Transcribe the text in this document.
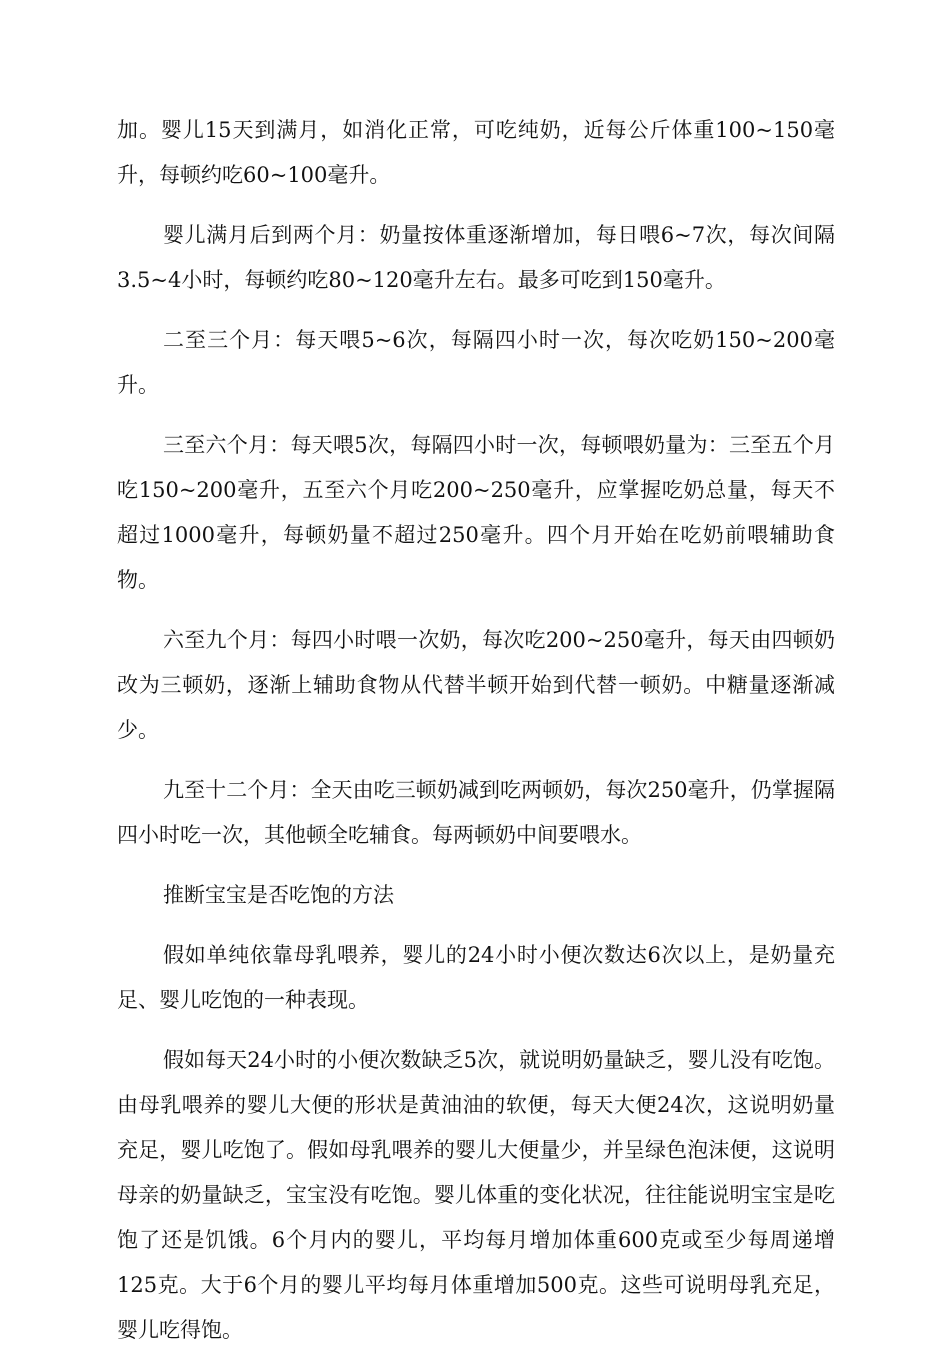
加。婴儿15天到满月，如消化正常，可吃纯奶，近每公斤体重100~150毫升，每顿约吃60~100毫升。

婴儿满月后到两个月：奶量按体重逐渐增加，每日喂6~7次，每次间隔3.5~4小时，每顿约吃80~120毫升左右。最多可吃到150毫升。

二至三个月：每天喂5~6次，每隔四小时一次，每次吃奶150~200毫升。

三至六个月：每天喂5次，每隔四小时一次，每顿喂奶量为：三至五个月吃150~200毫升，五至六个月吃200~250毫升，应掌握吃奶总量，每天不超过1000毫升，每顿奶量不超过250毫升。四个月开始在吃奶前喂辅助食物。

六至九个月：每四小时喂一次奶，每次吃200~250毫升，每天由四顿奶改为三顿奶，逐渐上辅助食物从代替半顿开始到代替一顿奶。中糖量逐渐减少。

九至十二个月：全天由吃三顿奶减到吃两顿奶，每次250毫升，仍掌握隔四小时吃一次，其他顿全吃辅食。每两顿奶中间要喂水。

推断宝宝是否吃饱的方法

假如单纯依靠母乳喂养，婴儿的24小时小便次数达6次以上，是奶量充足、婴儿吃饱的一种表现。

假如每天24小时的小便次数缺乏5次，就说明奶量缺乏，婴儿没有吃饱。由母乳喂养的婴儿大便的形状是黄油油的软便，每天大便24次，这说明奶量充足，婴儿吃饱了。假如母乳喂养的婴儿大便量少，并呈绿色泡沫便，这说明母亲的奶量缺乏，宝宝没有吃饱。婴儿体重的变化状况，往往能说明宝宝是吃饱了还是饥饿。6个月内的婴儿，平均每月增加体重600克或至少每周递增125克。大于6个月的婴儿平均每月体重增加500克。这些可说明母乳充足，婴儿吃得饱。
